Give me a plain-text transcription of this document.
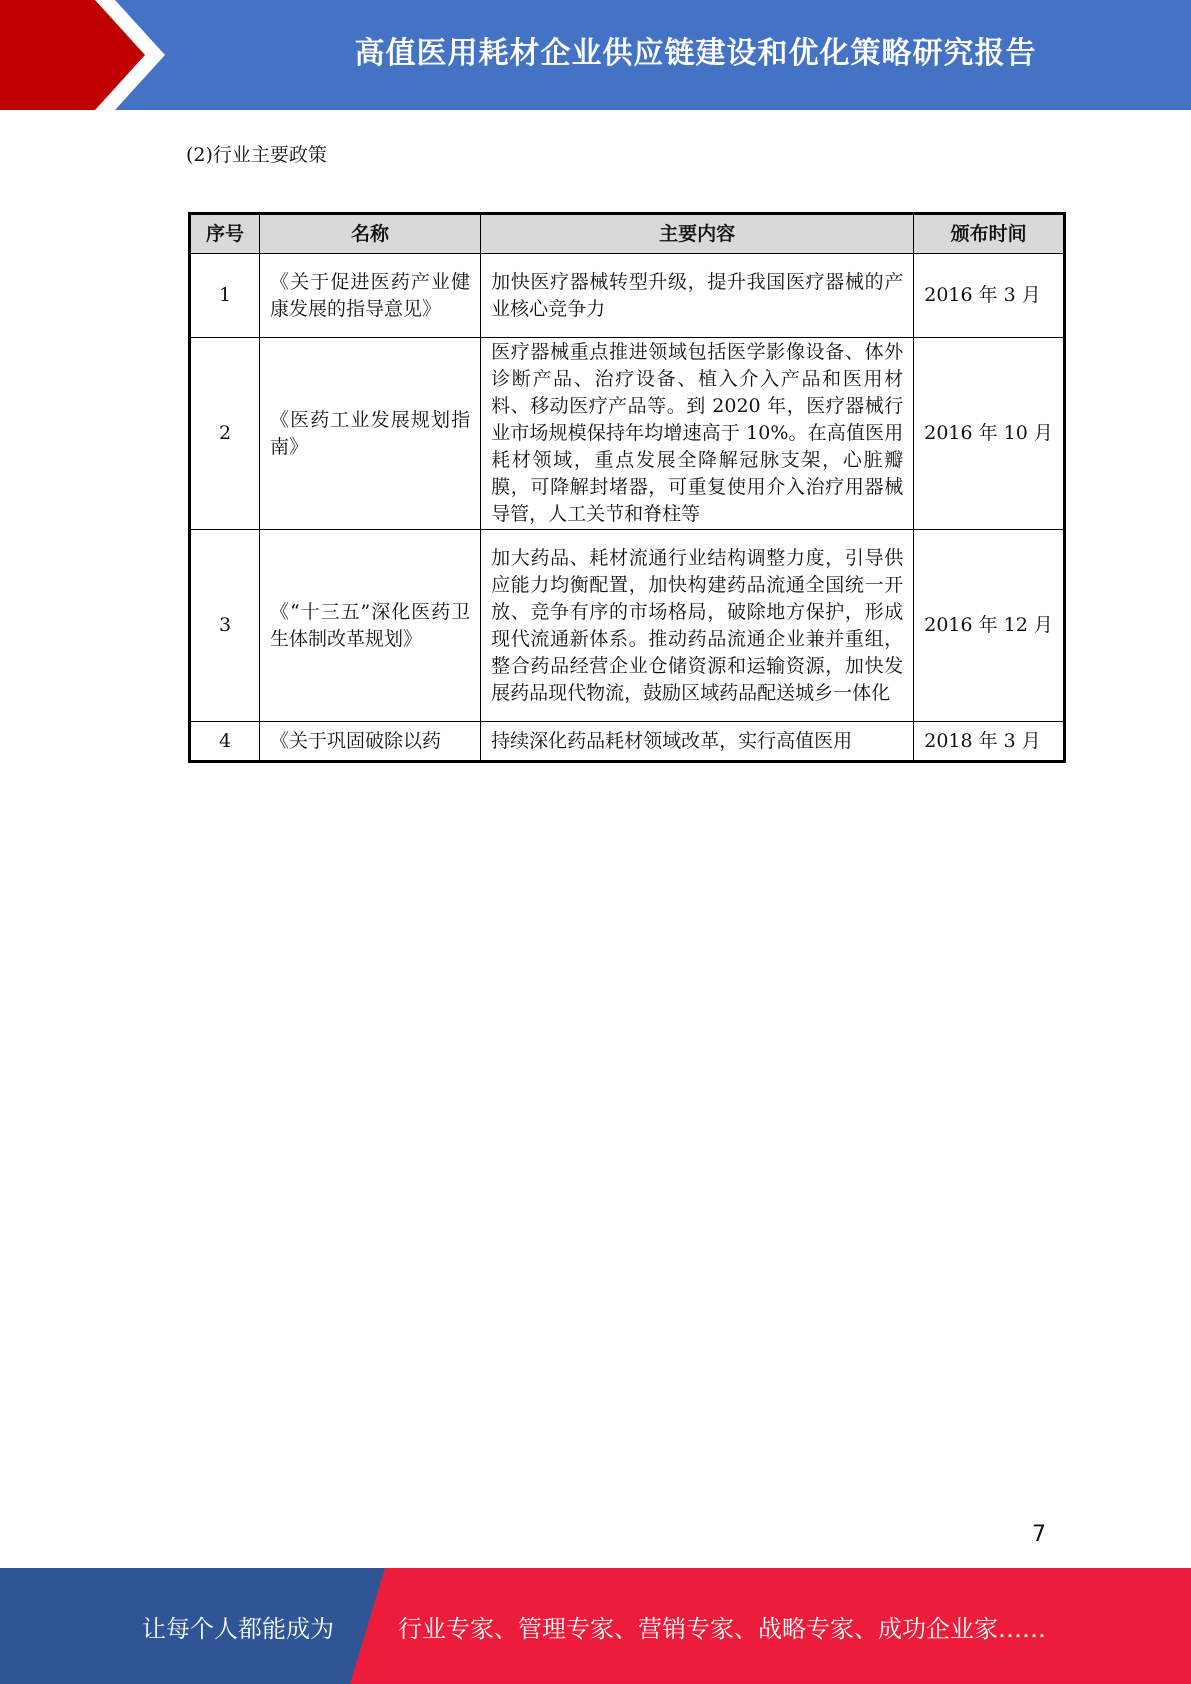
高值医用耗材企业供应链建设和优化策略研究报告
(2)行业主要政策
序号	名称	主要内容	颁布时间
1	《关于促进医药产业健康发展的指导意见》	加快医疗器械转型升级，提升我国医疗器械的产业核心竞争力	2016 年 3 月
2	《医药工业发展规划指南》	医疗器械重点推进领域包括医学影像设备、体外诊断产品、治疗设备、植入介入产品和医用材料、移动医疗产品等。到 2020 年，医疗器械行业市场规模保持年均增速高于 10%。在高值医用耗材领域，重点发展全降解冠脉支架，心脏瓣膜，可降解封堵器，可重复使用介入治疗用器械导管，人工关节和脊柱等	2016 年 10 月
3	《“十三五”深化医药卫生体制改革规划》	加大药品、耗材流通行业结构调整力度，引导供应能力均衡配置，加快构建药品流通全国统一开放、竞争有序的市场格局，破除地方保护，形成现代流通新体系。推动药品流通企业兼并重组，整合药品经营企业仓储资源和运输资源，加快发展药品现代物流，鼓励区域药品配送城乡一体化	2016 年 12 月
4	《关于巩固破除以药	持续深化药品耗材领域改革，实行高值医用	2018 年 3 月
7
让每个人都能成为	行业专家、管理专家、营销专家、战略专家、成功企业家……
